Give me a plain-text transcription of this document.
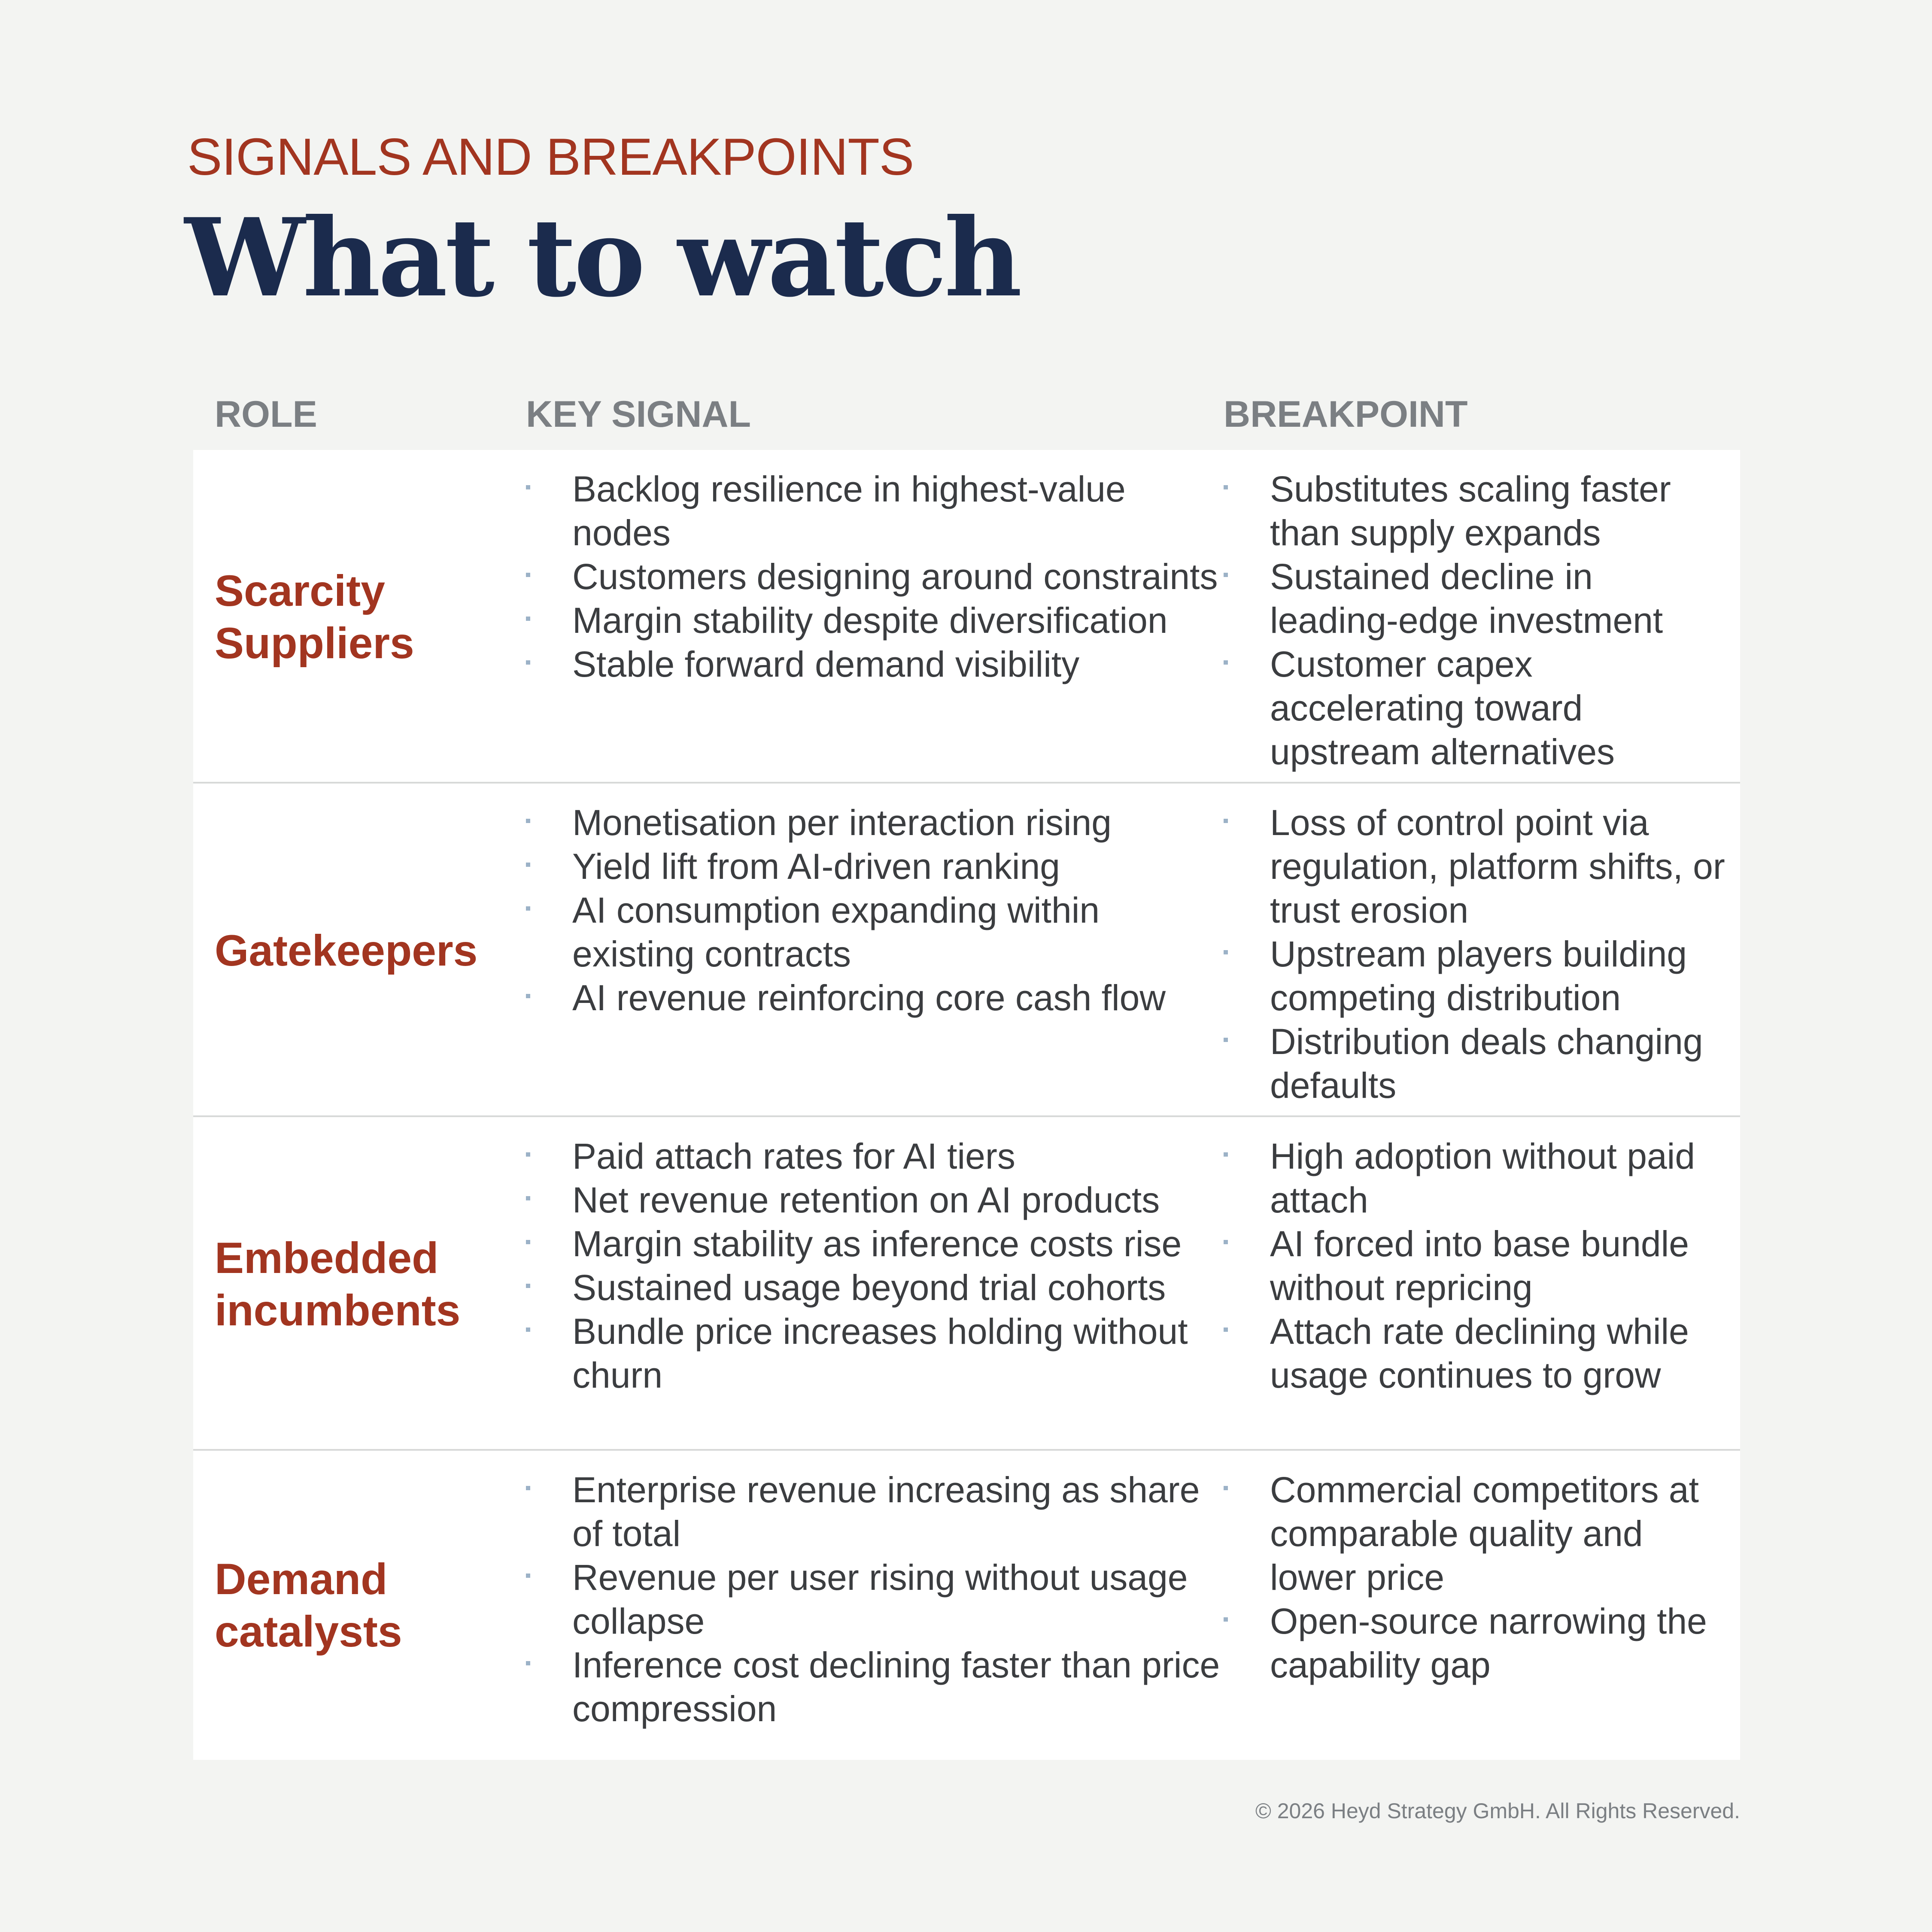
SIGNALS AND BREAKPOINTS
What to watch
ROLE	KEY SIGNAL	BREAKPOINT
Scarcity Suppliers
Backlog resilience in highest-value nodes
Customers designing around constraints
Margin stability despite diversification
Stable forward demand visibility
Substitutes scaling faster than supply expands
Sustained decline in leading-edge investment
Customer capex accelerating toward upstream alternatives
Gatekeepers
Monetisation per interaction rising
Yield lift from AI-driven ranking
AI consumption expanding within existing contracts
AI revenue reinforcing core cash flow
Loss of control point via regulation, platform shifts, or trust erosion
Upstream players building competing distribution
Distribution deals changing defaults
Embedded incumbents
Paid attach rates for AI tiers
Net revenue retention on AI products
Margin stability as inference costs rise
Sustained usage beyond trial cohorts
Bundle price increases holding without churn
High adoption without paid attach
AI forced into base bundle without repricing
Attach rate declining while usage continues to grow
Demand catalysts
Enterprise revenue increasing as share of total
Revenue per user rising without usage collapse
Inference cost declining faster than price compression
Commercial competitors at comparable quality and lower price
Open-source narrowing the capability gap
© 2026 Heyd Strategy GmbH. All Rights Reserved.
